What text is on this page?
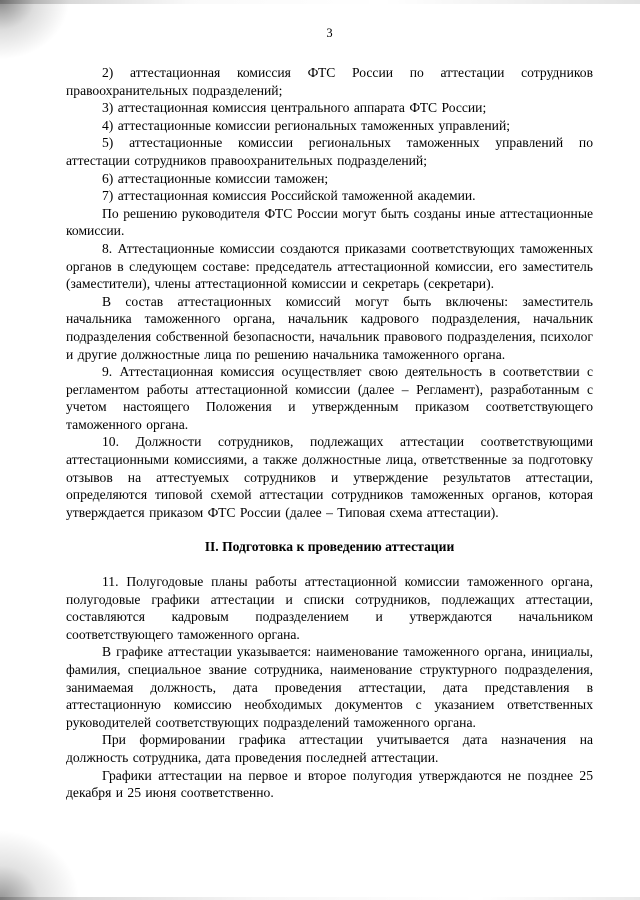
3

2) аттестационная комиссия ФТС России по аттестации сотрудников правоохранительных подразделений;

3) аттестационная комиссия центрального аппарата ФТС России;

4) аттестационные комиссии региональных таможенных управлений;

5) аттестационные комиссии региональных таможенных управлений по аттестации сотрудников правоохранительных подразделений;

6) аттестационные комиссии таможен;

7) аттестационная комиссия Российской таможенной академии.

По решению руководителя ФТС России могут быть созданы иные аттестационные комиссии.

8. Аттестационные комиссии создаются приказами соответствующих таможенных органов в следующем составе: председатель аттестационной комиссии, его заместитель (заместители), члены аттестационной комиссии и секретарь (секретари).

В состав аттестационных комиссий могут быть включены: заместитель начальника таможенного органа, начальник кадрового подразделения, начальник подразделения собственной безопасности, начальник правового подразделения, психолог и другие должностные лица по решению начальника таможенного органа.

9. Аттестационная комиссия осуществляет свою деятельность в соответствии с регламентом работы аттестационной комиссии (далее – Регламент), разработанным с учетом настоящего Положения и утвержденным приказом соответствующего таможенного органа.

10. Должности сотрудников, подлежащих аттестации соответствующими аттестационными комиссиями, а также должностные лица, ответственные за подготовку отзывов на аттестуемых сотрудников и утверждение результатов аттестации, определяются типовой схемой аттестации сотрудников таможенных органов, которая утверждается приказом ФТС России (далее – Типовая схема аттестации).

II. Подготовка к проведению аттестации

11. Полугодовые планы работы аттестационной комиссии таможенного органа, полугодовые графики аттестации и списки сотрудников, подлежащих аттестации, составляются кадровым подразделением и утверждаются начальником соответствующего таможенного органа.

В графике аттестации указывается: наименование таможенного органа, инициалы, фамилия, специальное звание сотрудника, наименование структурного подразделения, занимаемая должность, дата проведения аттестации, дата представления в аттестационную комиссию необходимых документов с указанием ответственных руководителей соответствующих подразделений таможенного органа.

При формировании графика аттестации учитывается дата назначения на должность сотрудника, дата проведения последней аттестации.

Графики аттестации на первое и второе полугодия утверждаются не позднее 25 декабря и 25 июня соответственно.
